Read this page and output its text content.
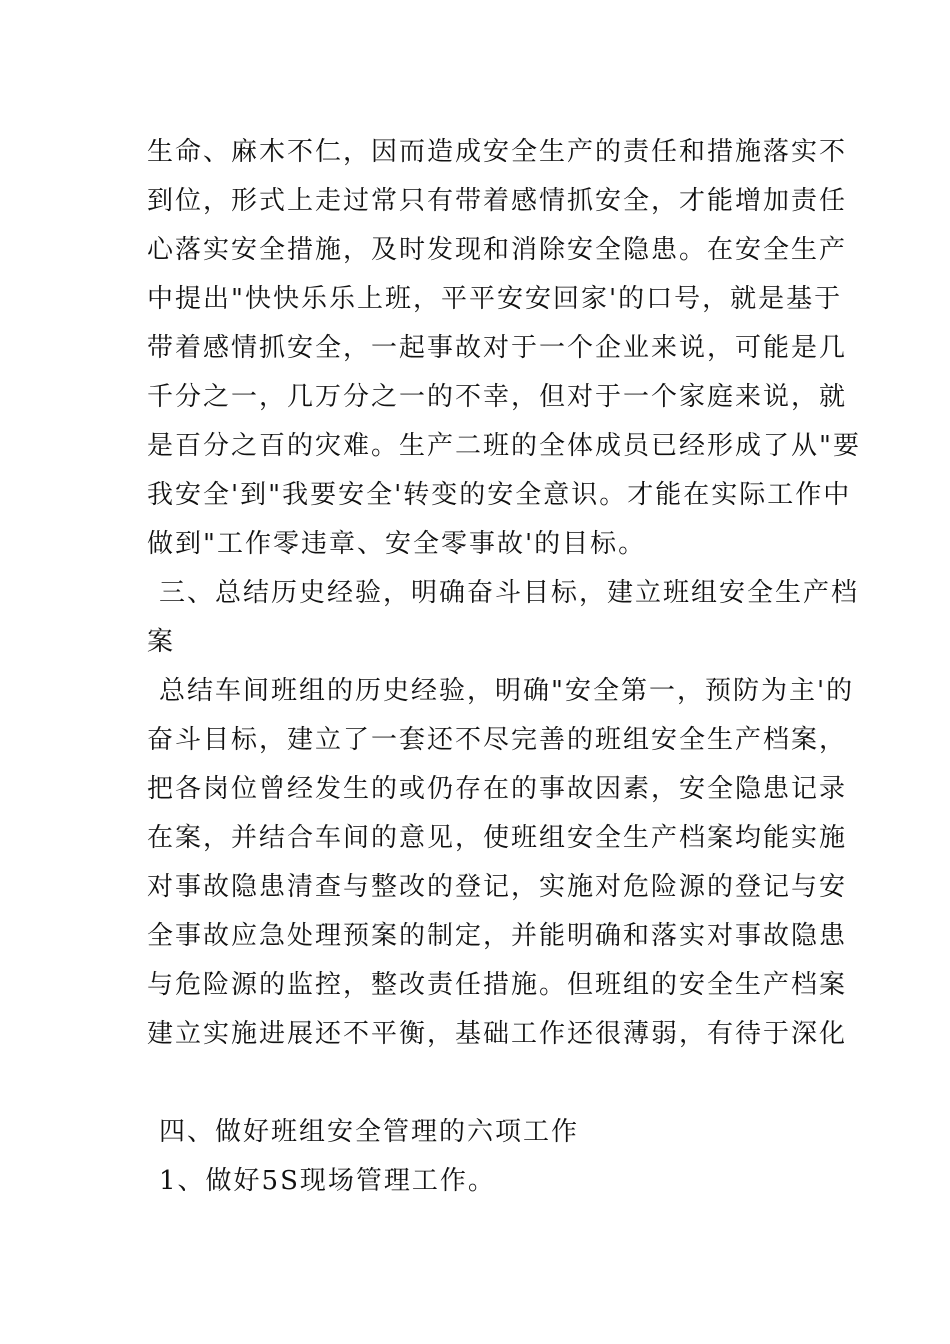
生命、麻木不仁，因而造成安全生产的责任和措施落实不
到位，形式上走过常只有带着感情抓安全，才能增加责任
心落实安全措施，及时发现和消除安全隐患。在安全生产
中提出"快快乐乐上班，平平安安回家'的口号，就是基于
带着感情抓安全，一起事故对于一个企业来说，可能是几
千分之一，几万分之一的不幸，但对于一个家庭来说，就
是百分之百的灾难。生产二班的全体成员已经形成了从"要
我安全'到"我要安全'转变的安全意识。才能在实际工作中
做到"工作零违章、安全零事故'的目标。
三、总结历史经验，明确奋斗目标，建立班组安全生产档
案
总结车间班组的历史经验，明确"安全第一，预防为主'的
奋斗目标，建立了一套还不尽完善的班组安全生产档案，
把各岗位曾经发生的或仍存在的事故因素，安全隐患记录
在案，并结合车间的意见，使班组安全生产档案均能实施
对事故隐患清查与整改的登记，实施对危险源的登记与安
全事故应急处理预案的制定，并能明确和落实对事故隐患
与危险源的监控，整改责任措施。但班组的安全生产档案
建立实施进展还不平衡，基础工作还很薄弱，有待于深化
四、做好班组安全管理的六项工作
1、做好5S现场管理工作。
